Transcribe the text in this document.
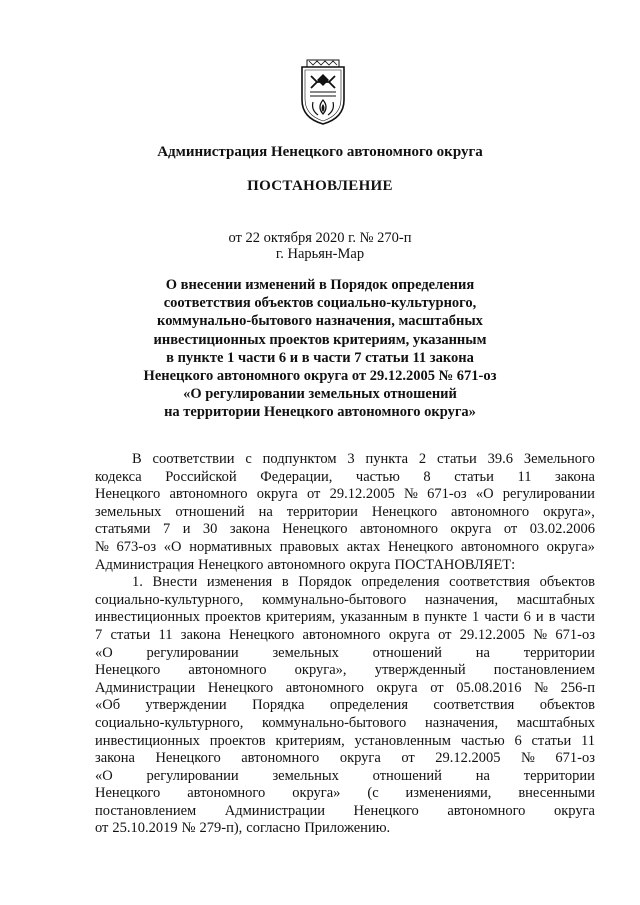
Администрация Ненецкого автономного округа
ПОСТАНОВЛЕНИЕ
от 22 октября 2020 г. № 270-п
г. Нарьян-Мар
О внесении изменений в Порядок определения
соответствия объектов социально-культурного,
коммунально-бытового назначения, масштабных
инвестиционных проектов критериям, указанным
в пункте 1 части 6 и в части 7 статьи 11 закона
Ненецкого автономного округа от 29.12.2005 № 671-оз
«О регулировании земельных отношений
на территории Ненецкого автономного округа»
В соответствии с подпунктом 3 пункта 2 статьи 39.6 Земельного
кодекса Российской Федерации, частью 8 статьи 11 закона
Ненецкого автономного округа от 29.12.2005 № 671-оз «О регулировании
земельных отношений на территории Ненецкого автономного округа»,
статьями 7 и 30 закона Ненецкого автономного округа от 03.02.2006
№ 673-оз «О нормативных правовых актах Ненецкого автономного округа»
Администрация Ненецкого автономного округа ПОСТАНОВЛЯЕТ:
1. Внести изменения в Порядок определения соответствия объектов
социально-культурного, коммунально-бытового назначения, масштабных
инвестиционных проектов критериям, указанным в пункте 1 части 6 и в части
7 статьи 11 закона Ненецкого автономного округа от 29.12.2005 № 671-оз
«О регулировании земельных отношений на территории
Ненецкого автономного округа», утвержденный постановлением
Администрации Ненецкого автономного округа от 05.08.2016 № 256-п
«Об утверждении Порядка определения соответствия объектов
социально-культурного, коммунально-бытового назначения, масштабных
инвестиционных проектов критериям, установленным частью 6 статьи 11
закона Ненецкого автономного округа от 29.12.2005 № 671-оз
«О регулировании земельных отношений на территории
Ненецкого автономного округа» (с изменениями, внесенными
постановлением Администрации Ненецкого автономного округа
от 25.10.2019 № 279-п), согласно Приложению.
